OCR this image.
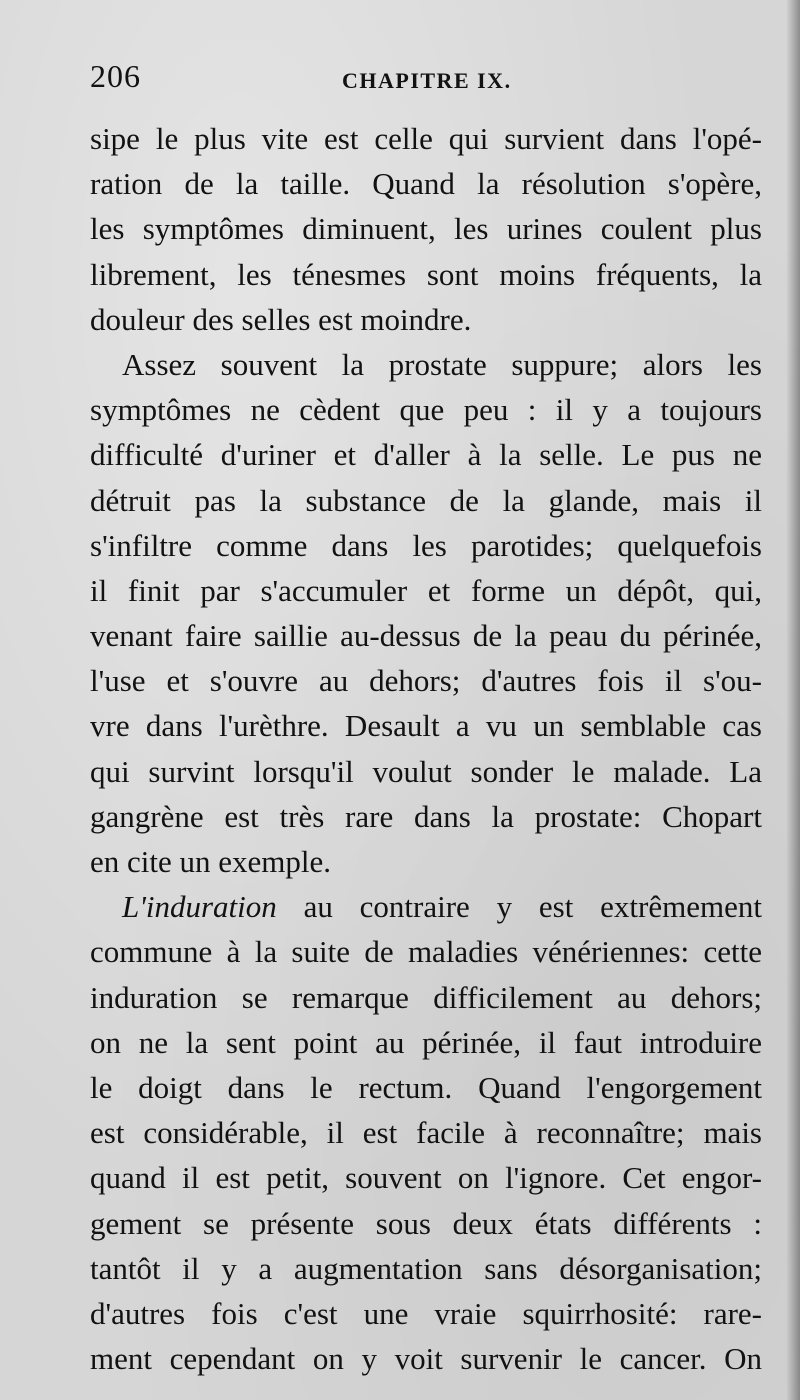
206	CHAPITRE IX.
sipe le plus vite est celle qui survient dans l'opé-
ration de la taille. Quand la résolution s'opère,
les symptômes diminuent, les urines coulent plus
librement, les ténesmes sont moins fréquents, la
douleur des selles est moindre.
Assez souvent la prostate suppure; alors les
symptômes ne cèdent que peu : il y a toujours
difficulté d'uriner et d'aller à la selle. Le pus ne
détruit pas la substance de la glande, mais il
s'infiltre comme dans les parotides; quelquefois
il finit par s'accumuler et forme un dépôt, qui,
venant faire saillie au-dessus de la peau du périnée,
l'use et s'ouvre au dehors; d'autres fois il s'ou-
vre dans l'urèthre. Desault a vu un semblable cas
qui survint lorsqu'il voulut sonder le malade. La
gangrène est très rare dans la prostate: Chopart
en cite un exemple.
L'induration au contraire y est extrêmement
commune à la suite de maladies vénériennes: cette
induration se remarque difficilement au dehors;
on ne la sent point au périnée, il faut introduire
le doigt dans le rectum. Quand l'engorgement
est considérable, il est facile à reconnaître; mais
quand il est petit, souvent on l'ignore. Cet engor-
gement se présente sous deux états différents :
tantôt il y a augmentation sans désorganisation;
d'autres fois c'est une vraie squirrhosité: rare-
ment cependant on y voit survenir le cancer. On
